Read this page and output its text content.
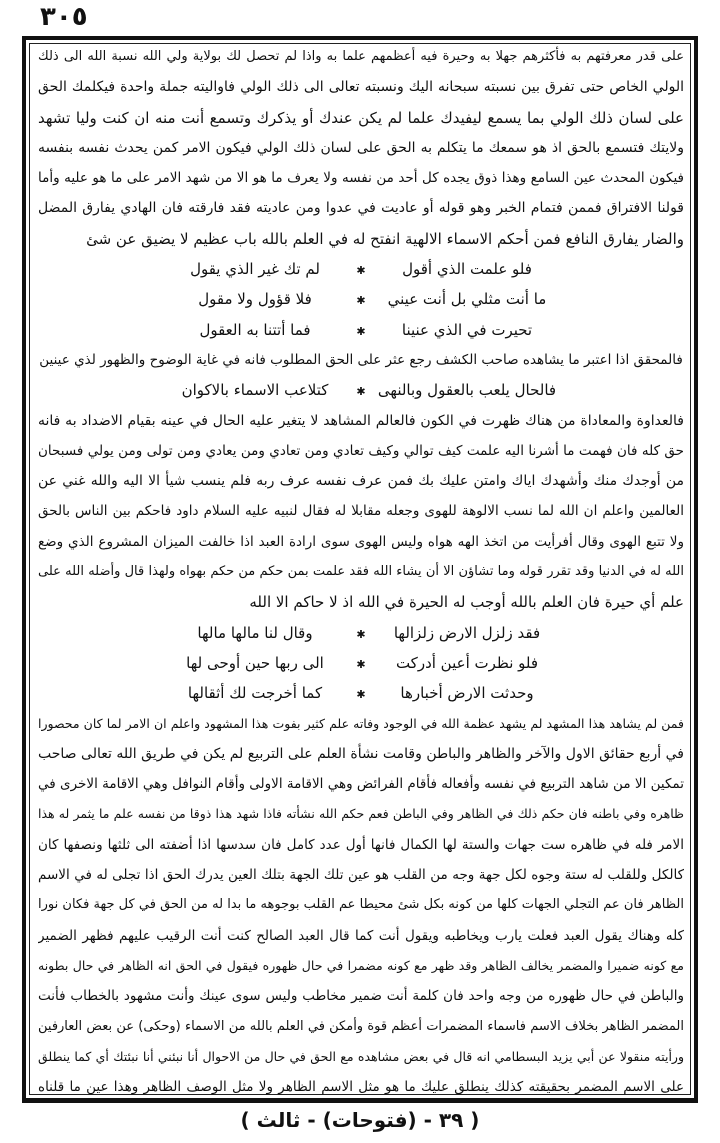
٣٠٥
على قدر معرفتهم به فأكثرهم جهلا به وحيرة فيه أعظمهم علما به واذا لم تحصل لك بولاية ولي الله نسبة الله الى ذلك
الولي الخاص حتى تفرق بين نسبته سبحانه اليك ونسبته تعالى الى ذلك الولي فاواليته جملة واحدة فيكلمك الحق
على لسان ذلك الولي بما يسمع ليفيدك علما لم يكن عندك أو يذكرك وتسمع أنت منه ان كنت وليا تشهد
ولايتك فتسمع بالحق اذ هو سمعك ما يتكلم به الحق على لسان ذلك الولي فيكون الامر كمن يحدث نفسه بنفسه
فيكون المحدث عين السامع وهذا ذوق يجده كل أحد من نفسه ولا يعرف ما هو الا من شهد الامر على ما هو عليه وأما
قولنا الافتراق فممن فتمام الخبر وهو قوله أو عاديت في عدوا ومن عاديته فقد فارقته فان الهادي يفارق المضل
والضار يفارق النافع فمن أحكم الاسماء الالهية انفتح له في العلم بالله باب عظيم لا يضيق عن شئ
فلو علمت الذي أقول✱لم تك غير الذي يقول
ما أنت مثلي بل أنت عيني✱فلا قؤول ولا مقول
تحيرت في الذي عنينا✱فما أتتنا به العقول
فالمحقق اذا اعتبر ما يشاهده صاحب الكشف رجع عثر على الحق المطلوب فانه في غاية الوضوح والظهور لذي عينين
فالحال يلعب بالعقول وبالنهى✱كتلاعب الاسماء بالاكوان
فالعداوة والمعاداة من هناك ظهرت في الكون فالعالم المشاهد لا يتغير عليه الحال في عينه بقيام الاضداد به فانه
حق كله فان فهمت ما أشرنا اليه علمت كيف توالي وكيف تعادي ومن تعادي ومن يعادي ومن تولى ومن يولي فسبحان
من أوجدك منك وأشهدك اياك وامتن عليك بك فمن عرف نفسه عرف ربه فلم ينسب شيأ الا اليه والله غني عن
العالمين واعلم ان الله لما نسب الالوهة للهوى وجعله مقابلا له فقال لنبيه عليه السلام داود فاحكم بين الناس بالحق
ولا تتبع الهوى وقال أفرأيت من اتخذ الهه هواه وليس الهوى سوى ارادة العبد اذا خالفت الميزان المشروع الذي وضع
الله له في الدنيا وقد تقرر قوله وما تشاؤن الا أن يشاء الله فقد علمت بمن حكم من حكم بهواه ولهذا قال وأضله الله على
علم أي حيرة فان العلم بالله أوجب له الحيرة في الله اذ لا حاكم الا الله
فقد زلزل الارض زلزالها✱وقال لنا مالها مالها
فلو نظرت أعين أدركت✱الى ربها حين أوحى لها
وحدثت الارض أخبارها✱كما أخرجت لك أثقالها
فمن لم يشاهد هذا المشهد لم يشهد عظمة الله في الوجود وفاته علم كثير بفوت هذا المشهود واعلم ان الامر لما كان محصورا
في أربع حقائق الاول والآخر والظاهر والباطن وقامت نشأة العلم على التربيع لم يكن في طريق الله تعالى صاحب
تمكين الا من شاهد التربيع في نفسه وأفعاله فأقام الفرائض وهي الاقامة الاولى وأقام النوافل وهي الاقامة الاخرى في
ظاهره وفي باطنه فان حكم ذلك في الظاهر وفي الباطن فعم حكم الله نشأته فاذا شهد هذا ذوقا من نفسه علم ما يثمر له هذا
الامر فله في ظاهره ست جهات والستة لها الكمال فانها أول عدد كامل فان سدسها اذا أضفته الى ثلثها ونصفها كان
كالكل وللقلب له ستة وجوه لكل جهة وجه من القلب هو عين تلك الجهة بتلك العين يدرك الحق اذا تجلى له في الاسم
الظاهر فان عم التجلي الجهات كلها من كونه بكل شئ محيطا عم القلب بوجوهه ما بدا له من الحق في كل جهة فكان نورا
كله وهناك يقول العبد فعلت يارب ويخاطبه ويقول أنت كما قال العبد الصالح كنت أنت الرقيب عليهم فظهر الضمير
مع كونه ضميرا والمضمر يخالف الظاهر وقد ظهر مع كونه مضمرا في حال ظهوره فيقول في الحق انه الظاهر في حال بطونه
والباطن في حال ظهوره من وجه واحد فان كلمة أنت ضمير مخاطب وليس سوى عينك وأنت مشهود بالخطاب فأنت
المضمر الظاهر بخلاف الاسم فاسماء المضمرات أعظم قوة وأمكن في العلم بالله من الاسماء (وحكى) عن بعض العارفين
ورأيته منقولا عن أبي يزيد البسطامي انه قال في بعض مشاهده مع الحق في حال من الاحوال أنا نبئني أنا نبئتك أي كما ينطلق
على الاسم المضمر بحقيقته كذلك ينطلق عليك ما هو مثل الاسم الظاهر ولا مثل الوصف الظاهر وهذا عين ما قلناه
( ٣٩ - (فتوحات) - ثالث )
